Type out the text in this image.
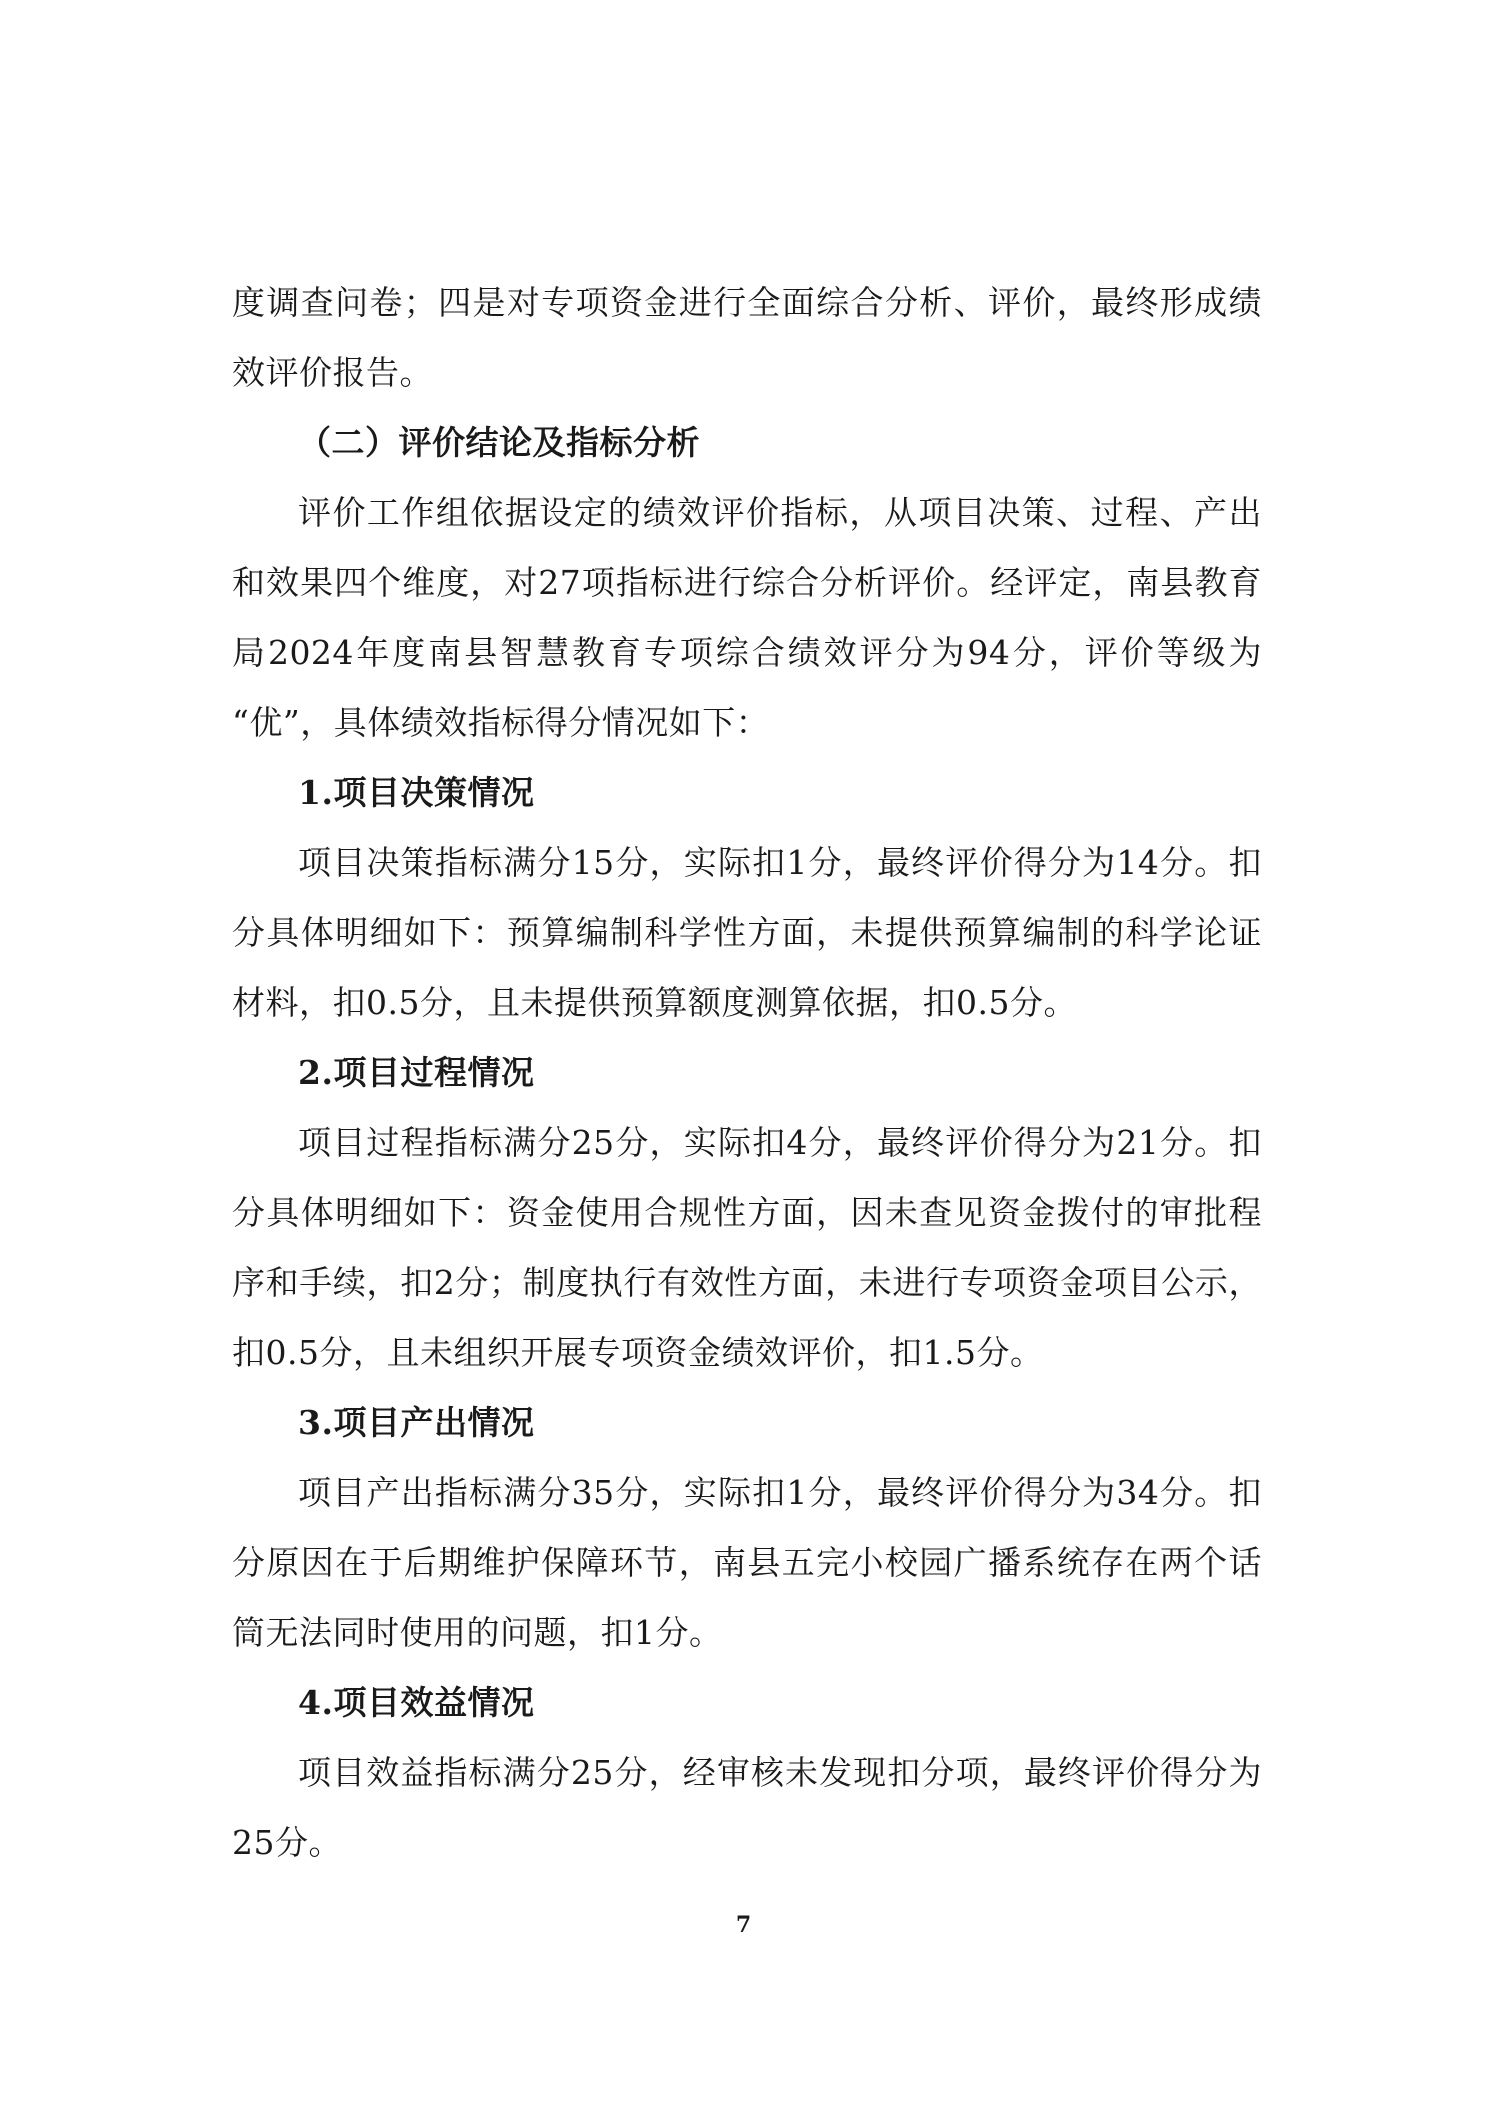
度调查问卷；四是对专项资金进行全面综合分析、评价，最终形成绩效评价报告。

（二）评价结论及指标分析

评价工作组依据设定的绩效评价指标，从项目决策、过程、产出和效果四个维度，对27项指标进行综合分析评价。经评定，南县教育局2024年度南县智慧教育专项综合绩效评分为94分，评价等级为 “优”，具体绩效指标得分情况如下：

1.项目决策情况

项目决策指标满分15分，实际扣1分，最终评价得分为14分。扣分具体明细如下：预算编制科学性方面，未提供预算编制的科学论证材料，扣0.5分，且未提供预算额度测算依据，扣0.5分。

2.项目过程情况

项目过程指标满分25分，实际扣4分，最终评价得分为21分。扣分具体明细如下：资金使用合规性方面，因未查见资金拨付的审批程序和手续，扣2分；制度执行有效性方面，未进行专项资金项目公示，扣0.5分，且未组织开展专项资金绩效评价，扣1.5分。

3.项目产出情况

项目产出指标满分35分，实际扣1分，最终评价得分为34分。扣分原因在于后期维护保障环节，南县五完小校园广播系统存在两个话筒无法同时使用的问题，扣1分。

4.项目效益情况

项目效益指标满分25分，经审核未发现扣分项，最终评价得分为 25分。

7
